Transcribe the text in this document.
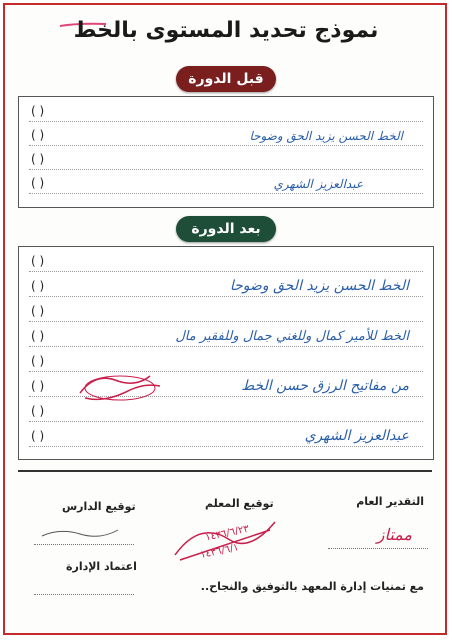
نموذج تحديد المستوى بالخط
قبل الدورة
( )
( )	الخط الحسن يزيد الحق وضوحا
( )
( )	عبدالعزيز الشهري
بعد الدورة
( )
( )	الخط الحسن يزيد الحق وضوحا
( )
( )	الخط للأمير كمال وللغني جمال وللفقير مال
( )
( )	من مفاتيح الرزق حسن الخط
( )
( )	عبدالعزيز الشهري
التقدير العام
ممتاز
توقيع المعلم
١٤٣٦/٦/٢٣
١٤٣٦/٦/١
توقيع الدارس
اعتماد الإدارة
مع تمنيات إدارة المعهد بالتوفيق والنجاح..
